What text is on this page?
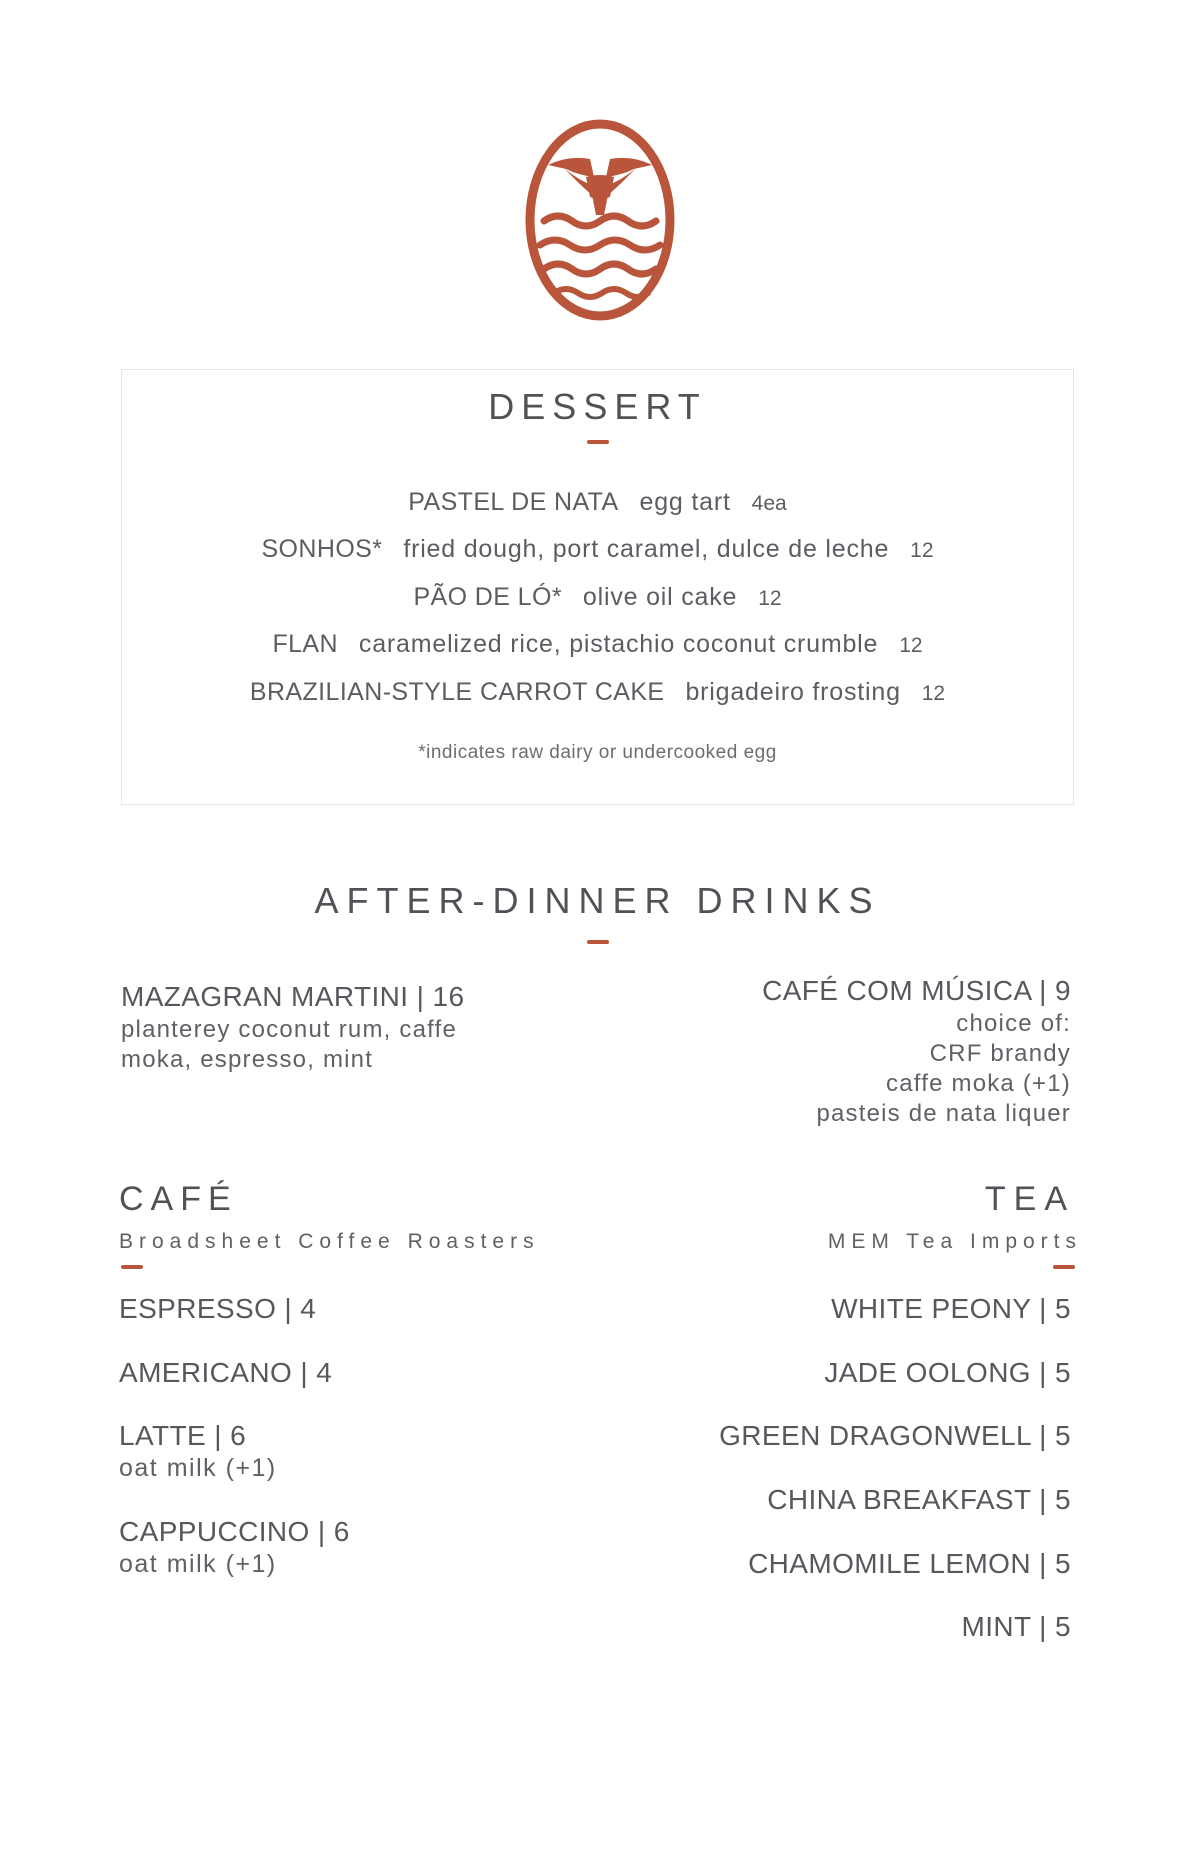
DESSERT
PASTEL DE NATA egg tart 4ea
SONHOS* fried dough, port caramel, dulce de leche 12
PÃO DE LÓ* olive oil cake 12
FLAN caramelized rice, pistachio coconut crumble 12
BRAZILIAN-STYLE CARROT CAKE brigadeiro frosting 12
*indicates raw dairy or undercooked egg
AFTER-DINNER DRINKS
MAZAGRAN MARTINI | 16
planterey coconut rum, caffe
moka, espresso, mint
CAFÉ COM MÚSICA | 9
choice of:
CRF brandy
caffe moka (+1)
pasteis de nata liquer
CAFÉ
Broadsheet Coffee Roasters
ESPRESSO | 4
AMERICANO | 4
LATTE | 6
oat milk (+1)
CAPPUCCINO | 6
oat milk (+1)
TEA
MEM Tea Imports
WHITE PEONY | 5
JADE OOLONG | 5
GREEN DRAGONWELL | 5
CHINA BREAKFAST | 5
CHAMOMILE LEMON | 5
MINT | 5
